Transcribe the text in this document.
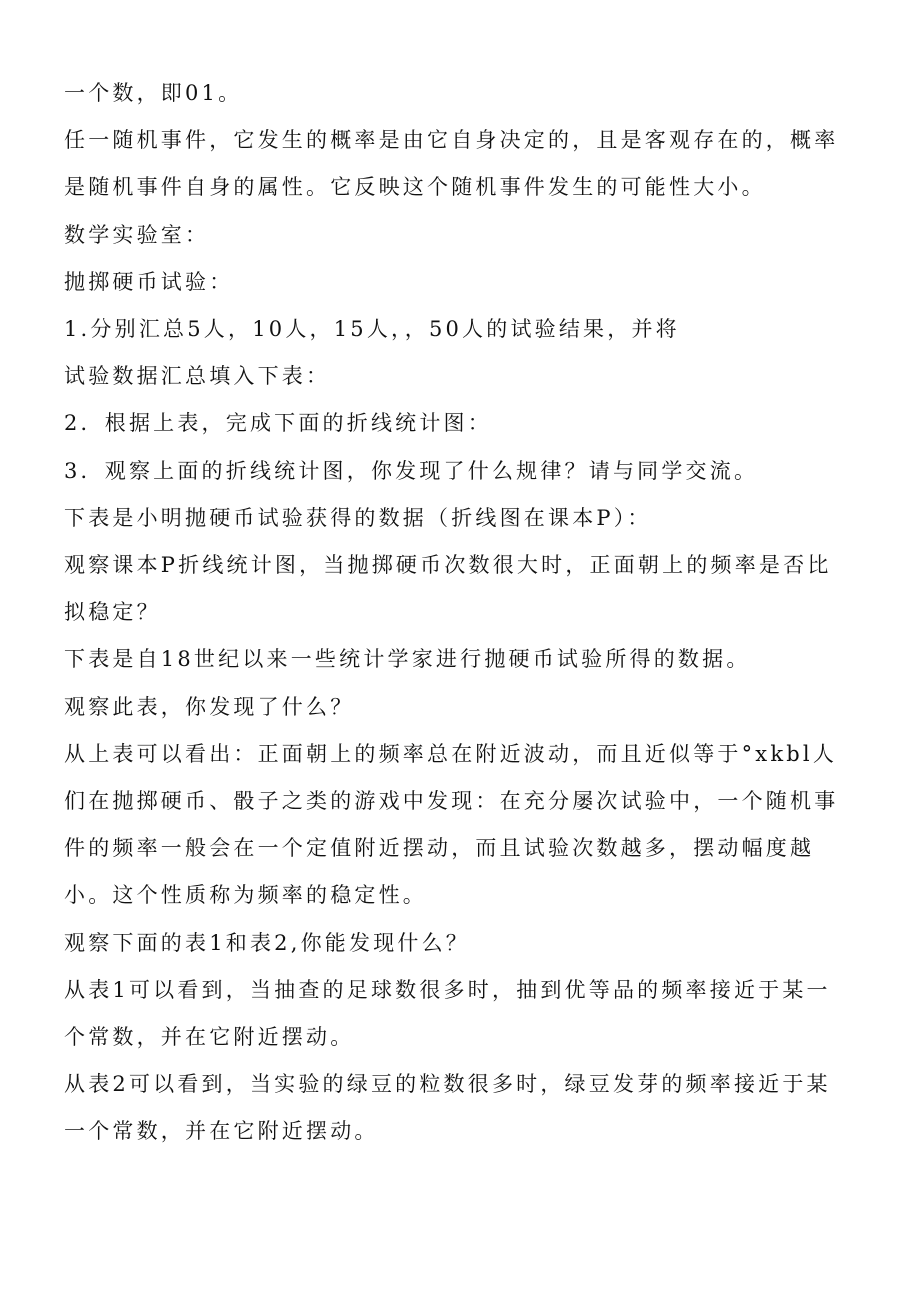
一个数，即01。

任一随机事件，它发生的概率是由它自身决定的，且是客观存在的，概率是随机事件自身的属性。它反映这个随机事件发生的可能性大小。

数学实验室：

抛掷硬币试验：

1.分别汇总5人，10人，15人，，50人的试验结果，并将

试验数据汇总填入下表：

2．根据上表，完成下面的折线统计图：

3．观察上面的折线统计图，你发现了什么规律？请与同学交流。

下表是小明抛硬币试验获得的数据（折线图在课本P）：

观察课本P折线统计图，当抛掷硬币次数很大时，正面朝上的频率是否比拟稳定？

下表是自18世纪以来一些统计学家进行抛硬币试验所得的数据。

观察此表，你发现了什么？

从上表可以看出：正面朝上的频率总在附近波动，而且近似等于°xkbl人们在抛掷硬币、骰子之类的游戏中发现：在充分屡次试验中，一个随机事件的频率一般会在一个定值附近摆动，而且试验次数越多，摆动幅度越小。这个性质称为频率的稳定性。

观察下面的表1和表2,你能发现什么？

从表1可以看到，当抽查的足球数很多时，抽到优等品的频率接近于某一个常数，并在它附近摆动。

从表2可以看到，当实验的绿豆的粒数很多时，绿豆发芽的频率接近于某一个常数，并在它附近摆动。
